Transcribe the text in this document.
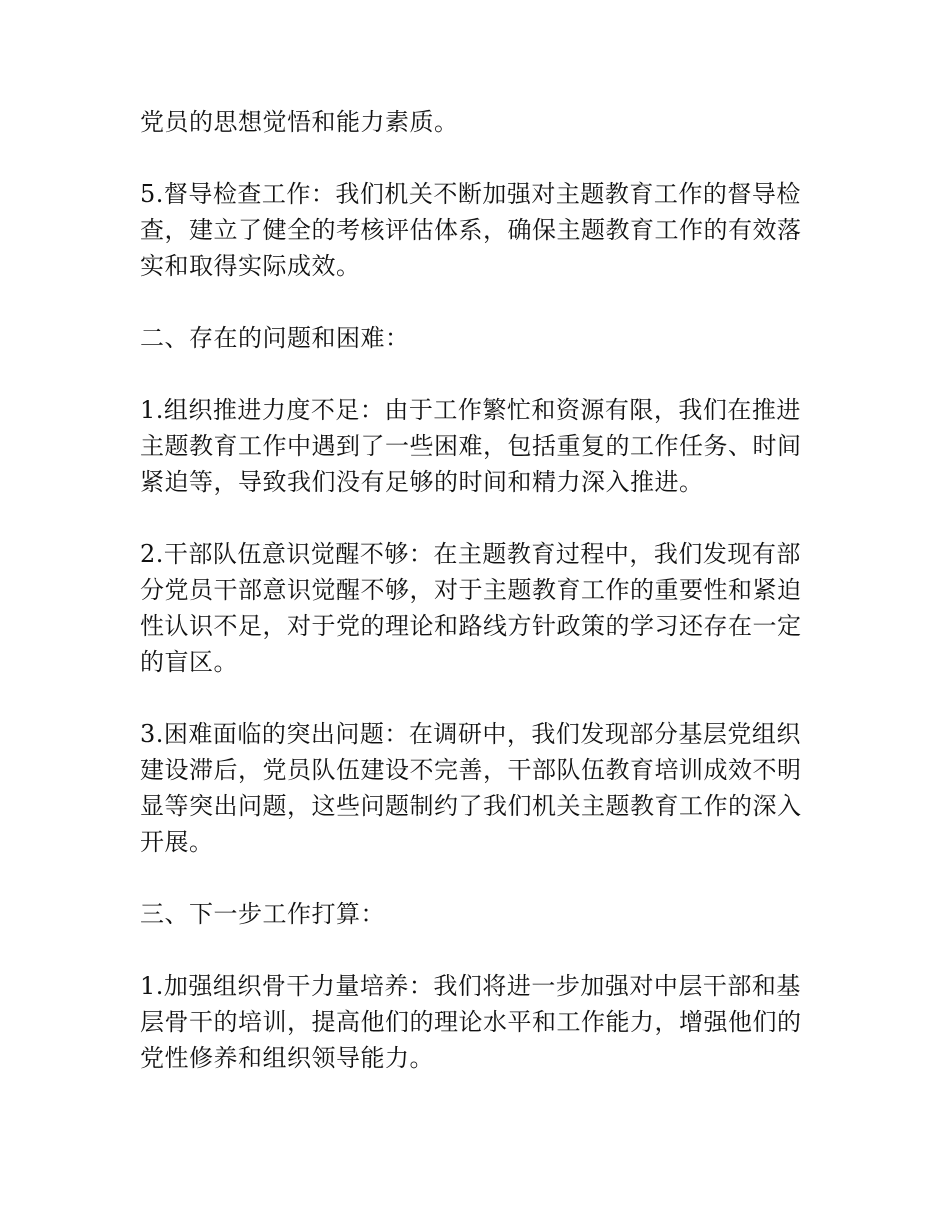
党员的思想觉悟和能力素质。

5.督导检查工作：我们机关不断加强对主题教育工作的督导检
查，建立了健全的考核评估体系，确保主题教育工作的有效落
实和取得实际成效。

二、存在的问题和困难：

1.组织推进力度不足：由于工作繁忙和资源有限，我们在推进
主题教育工作中遇到了一些困难，包括重复的工作任务、时间
紧迫等，导致我们没有足够的时间和精力深入推进。

2.干部队伍意识觉醒不够：在主题教育过程中，我们发现有部
分党员干部意识觉醒不够，对于主题教育工作的重要性和紧迫
性认识不足，对于党的理论和路线方针政策的学习还存在一定
的盲区。

3.困难面临的突出问题：在调研中，我们发现部分基层党组织
建设滞后，党员队伍建设不完善，干部队伍教育培训成效不明
显等突出问题，这些问题制约了我们机关主题教育工作的深入
开展。

三、下一步工作打算：

1.加强组织骨干力量培养：我们将进一步加强对中层干部和基
层骨干的培训，提高他们的理论水平和工作能力，增强他们的
党性修养和组织领导能力。
